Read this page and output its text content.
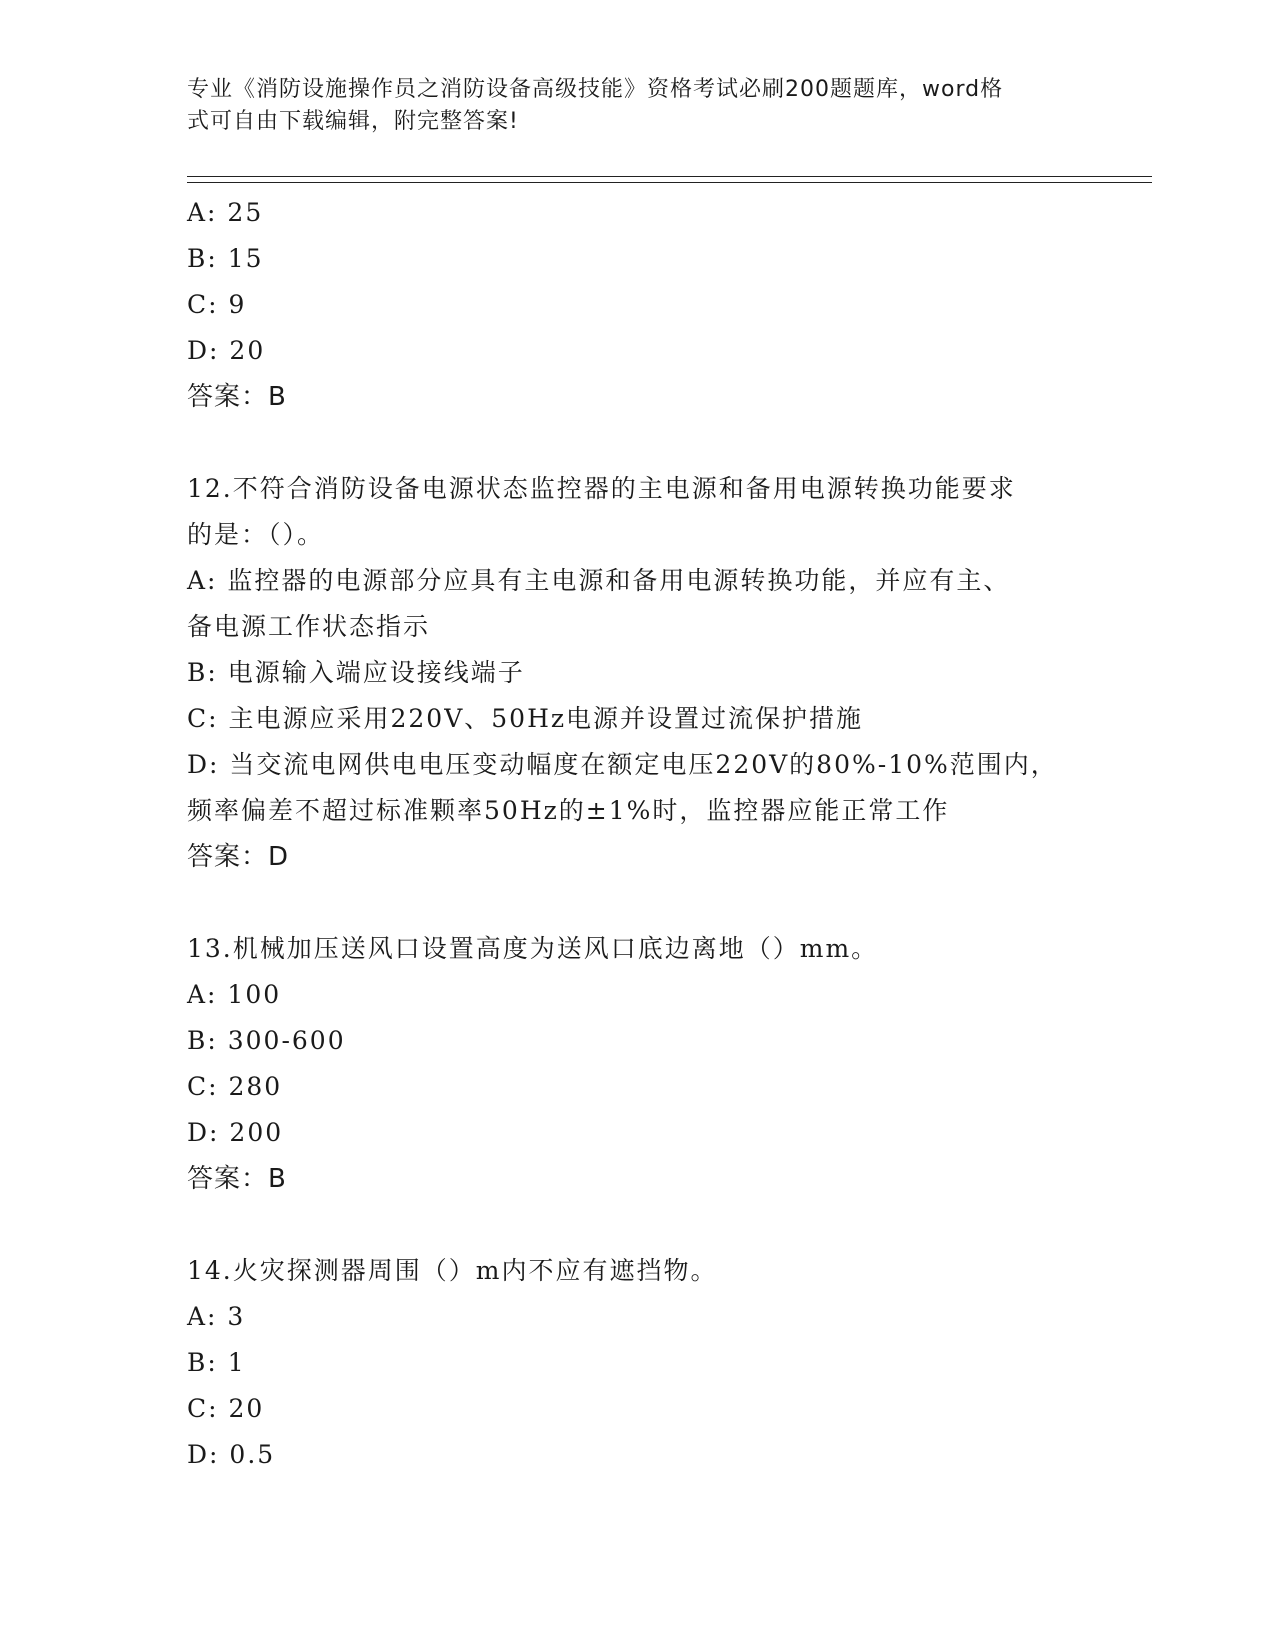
专业《消防设施操作员之消防设备高级技能》资格考试必刷200题题库，word格
式可自由下载编辑，附完整答案!
A: 25
B: 15
C: 9
D: 20
答案：B
12.不符合消防设备电源状态监控器的主电源和备用电源转换功能要求
的是：（）。
A: 监控器的电源部分应具有主电源和备用电源转换功能，并应有主、
备电源工作状态指示
B: 电源输入端应设接线端子
C: 主电源应采用220V、50Hz电源并设置过流保护措施
D: 当交流电网供电电压变动幅度在额定电压220V的80%-10%范围内，
频率偏差不超过标准颗率50Hz的±1%时，监控器应能正常工作
答案：D
13.机械加压送风口设置高度为送风口底边离地（）mm。
A: 100
B: 300-600
C: 280
D: 200
答案：B
14.火灾探测器周围（）m内不应有遮挡物。
A: 3
B: 1
C: 20
D: 0.5
